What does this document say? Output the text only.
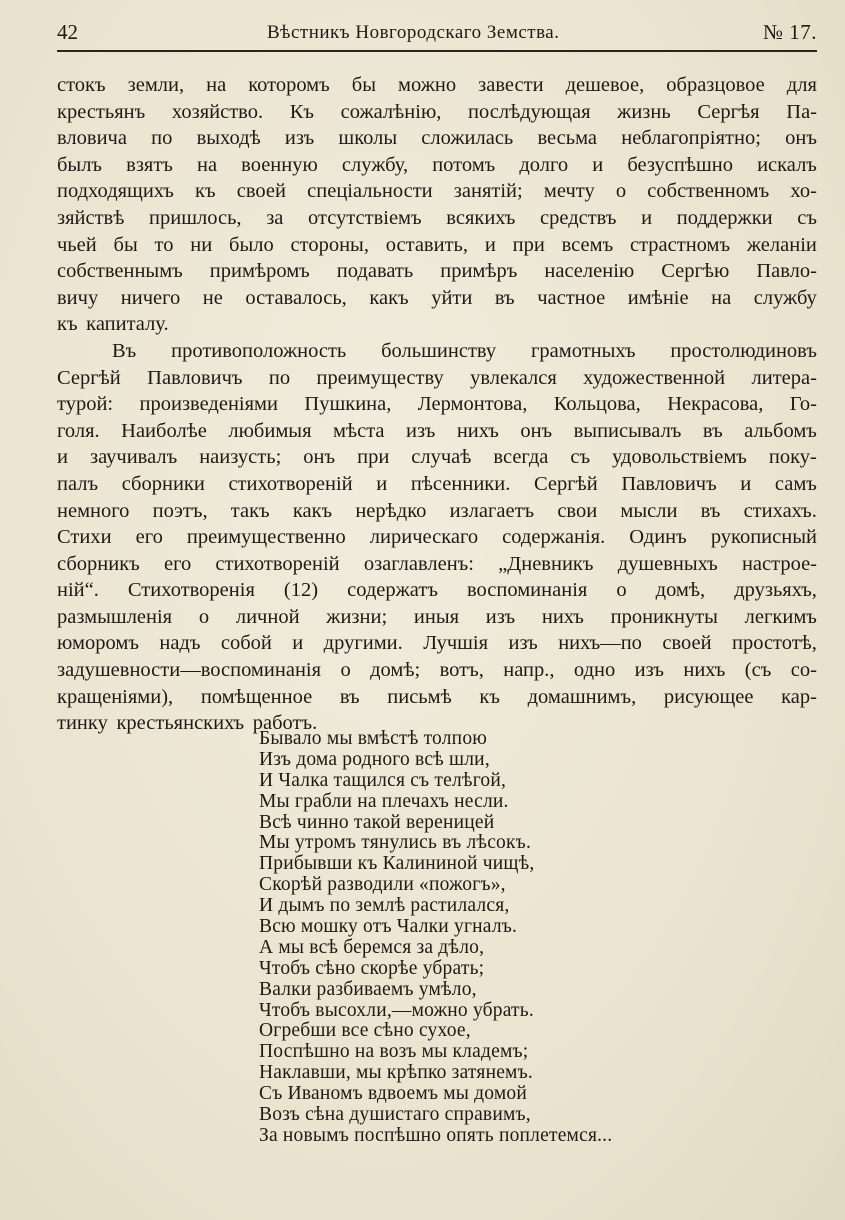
42	Вѣстникъ Новгородскаго Земства.	№ 17.
стокъ земли, на которомъ бы можно завести дешевое, образцовое для
крестьянъ хозяйство. Къ сожалѣнію, послѣдующая жизнь Сергѣя Па-
вловича по выходѣ изъ школы сложилась весьма неблагопріятно; онъ
былъ взятъ на военную службу, потомъ долго и безуспѣшно искалъ
подходящихъ къ своей спеціальности занятій; мечту о собственномъ хо-
зяйствѣ пришлось, за отсутствіемъ всякихъ средствъ и поддержки съ
чьей бы то ни было стороны, оставить, и при всемъ страстномъ желаніи
собственнымъ примѣромъ подавать примѣръ населенію Сергѣю Павло-
вичу ничего не оставалось, какъ уйти въ частное имѣніе на службу
къ капиталу.
Въ противоположность большинству грамотныхъ простолюдиновъ
Сергѣй Павловичъ по преимуществу увлекался художественной литера-
турой: произведеніями Пушкина, Лермонтова, Кольцова, Некрасова, Го-
голя. Наиболѣе любимыя мѣста изъ нихъ онъ выписывалъ въ альбомъ
и заучивалъ наизусть; онъ при случаѣ всегда съ удовольствіемъ поку-
палъ сборники стихотвореній и пѣсенники. Сергѣй Павловичъ и самъ
немного поэтъ, такъ какъ нерѣдко излагаетъ свои мысли въ стихахъ.
Стихи его преимущественно лирическаго содержанія. Одинъ рукописный
сборникъ его стихотвореній озаглавленъ: „Дневникъ душевныхъ настрое-
ній“. Стихотворенія (12) содержатъ воспоминанія о домѣ, друзьяхъ,
размышленія о личной жизни; иныя изъ нихъ проникнуты легкимъ
юморомъ надъ собой и другими. Лучшія изъ нихъ—по своей простотѣ,
задушевности—воспоминанія о домѣ; вотъ, напр., одно изъ нихъ (съ со-
кращеніями), помѣщенное въ письмѣ къ домашнимъ, рисующее кар-
тинку крестьянскихъ работъ.
Бывало мы вмѣстѣ толпою
Изъ дома родного всѣ шли,
И Чалка тащился съ телѣгой,
Мы грабли на плечахъ несли.
Всѣ чинно такой вереницей
Мы утромъ тянулись въ лѣсокъ.
Прибывши къ Калининой чищѣ,
Скорѣй разводили «пожогъ»,
И дымъ по землѣ растилался,
Всю мошку отъ Чалки угналъ.
А мы всѣ беремся за дѣло,
Чтобъ сѣно скорѣе убрать;
Валки разбиваемъ умѣло,
Чтобъ высохли,—можно убрать.
Огребши все сѣно сухое,
Поспѣшно на возъ мы кладемъ;
Наклавши, мы крѣпко затянемъ.
Съ Иваномъ вдвоемъ мы домой
Возъ сѣна душистаго справимъ,
За новымъ поспѣшно опять поплетемся...
